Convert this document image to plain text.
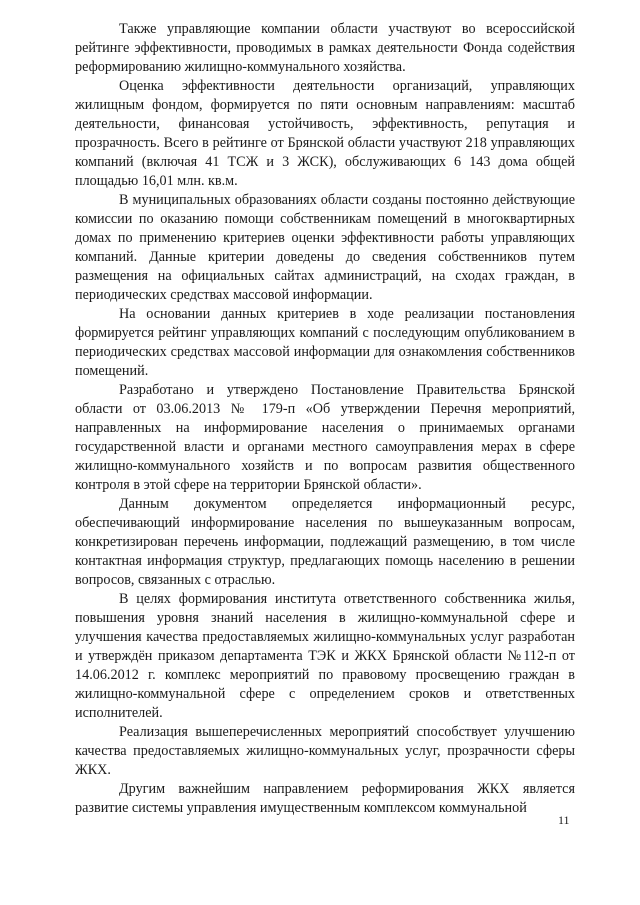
Также управляющие компании области участвуют во всероссийской рейтинге эффективности, проводимых в рамках деятельности Фонда содействия реформированию жилищно-коммунального хозяйства.

Оценка эффективности деятельности организаций, управляющих жилищным фондом, формируется по пяти основным направлениям: масштаб деятельности, финансовая устойчивость, эффективность, репутация и прозрачность. Всего в рейтинге от Брянской области участвуют 218 управляющих компаний (включая 41 ТСЖ и 3 ЖСК), обслуживающих 6 143 дома общей площадью 16,01 млн. кв.м.

В муниципальных образованиях области созданы постоянно действующие комиссии по оказанию помощи собственникам помещений в многоквартирных домах по применению критериев оценки эффективности работы управляющих компаний. Данные критерии доведены до сведения собственников путем размещения на официальных сайтах администраций, на сходах граждан, в периодических средствах массовой информации.

На основании данных критериев в ходе реализации постановления формируется рейтинг управляющих компаний с последующим опубликованием в периодических средствах массовой информации для ознакомления собственников помещений.

Разработано и утверждено Постановление Правительства Брянской области от 03.06.2013 № 179-п «Об утверждении Перечня мероприятий, направленных на информирование населения о принимаемых органами государственной власти и органами местного самоуправления мерах в сфере жилищно-коммунального хозяйств и по вопросам развития общественного контроля в этой сфере на территории Брянской области».

Данным документом определяется информационный ресурс, обеспечивающий информирование населения по вышеуказанным вопросам, конкретизирован перечень информации, подлежащий размещению, в том числе контактная информация структур, предлагающих помощь населению в решении вопросов, связанных с отраслью.

В целях формирования института ответственного собственника жилья, повышения уровня знаний населения в жилищно-коммунальной сфере и улучшения качества предоставляемых жилищно-коммунальных услуг разработан и утверждён приказом департамента ТЭК и ЖКХ Брянской области №112-п от 14.06.2012 г. комплекс мероприятий по правовому просвещению граждан в жилищно-коммунальной сфере с определением сроков и ответственных исполнителей.

Реализация вышеперечисленных мероприятий способствует улучшению качества предоставляемых жилищно-коммунальных услуг, прозрачности сферы ЖКХ.

Другим важнейшим направлением реформирования ЖКХ является развитие системы управления имущественным комплексом коммунальной

11
